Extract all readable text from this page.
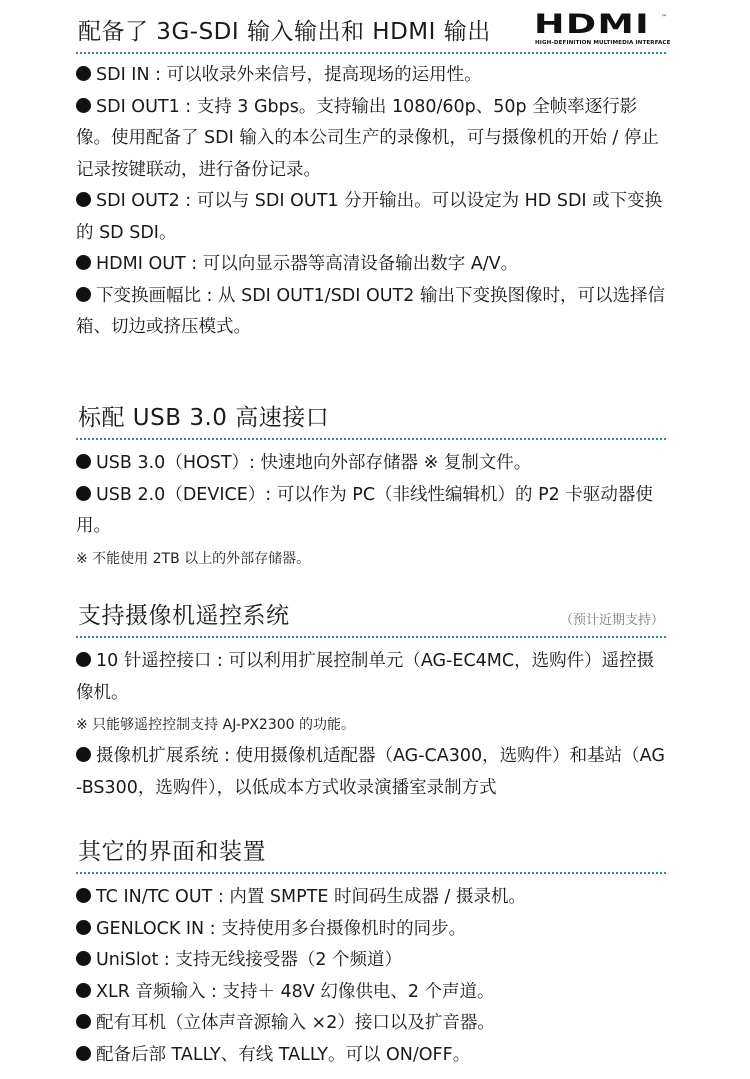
HDMI ™
HIGH-DEFINITION MULTIMEDIA INTERFACE
配备了 3G-SDI 输入输出和 HDMI 输出
SDI IN : 可以收录外来信号，提高现场的运用性。
SDI OUT1 : 支持 3 Gbps。支持输出 1080/60p、50p 全帧率逐行影像。使用配备了 SDI 输入的本公司生产的录像机，可与摄像机的开始 / 停止记录按键联动，进行备份记录。
SDI OUT2 : 可以与 SDI OUT1 分开输出。可以设定为 HD SDI 或下变换的 SD SDI。
HDMI OUT : 可以向显示器等高清设备输出数字 A/V。
下变换画幅比 : 从 SDI OUT1/SDI OUT2 输出下变换图像时，可以选择信箱、切边或挤压模式。
标配 USB 3.0 高速接口
USB 3.0（HOST）: 快速地向外部存储器 ※ 复制文件。
USB 2.0（DEVICE）: 可以作为 PC（非线性编辑机）的 P2 卡驱动器使用。
※ 不能使用 2TB 以上的外部存储器。
支持摄像机遥控系统	（预计近期支持）
10 针遥控接口 : 可以利用扩展控制单元（AG-EC4MC，选购件）遥控摄像机。
※ 只能够遥控控制支持 AJ-PX2300 的功能。
摄像机扩展系统 : 使用摄像机适配器（AG-CA300，选购件）和基站（AG-BS300，选购件），以低成本方式收录演播室录制方式
其它的界面和装置
TC IN/TC OUT : 内置 SMPTE 时间码生成器 / 摄录机。
GENLOCK IN : 支持使用多台摄像机时的同步。
UniSlot : 支持无线接受器（2 个频道）
XLR 音频输入 : 支持＋ 48V 幻像供电、2 个声道。
配有耳机（立体声音源输入 ×2）接口以及扩音器。
配备后部 TALLY、有线 TALLY。可以 ON/OFF。
